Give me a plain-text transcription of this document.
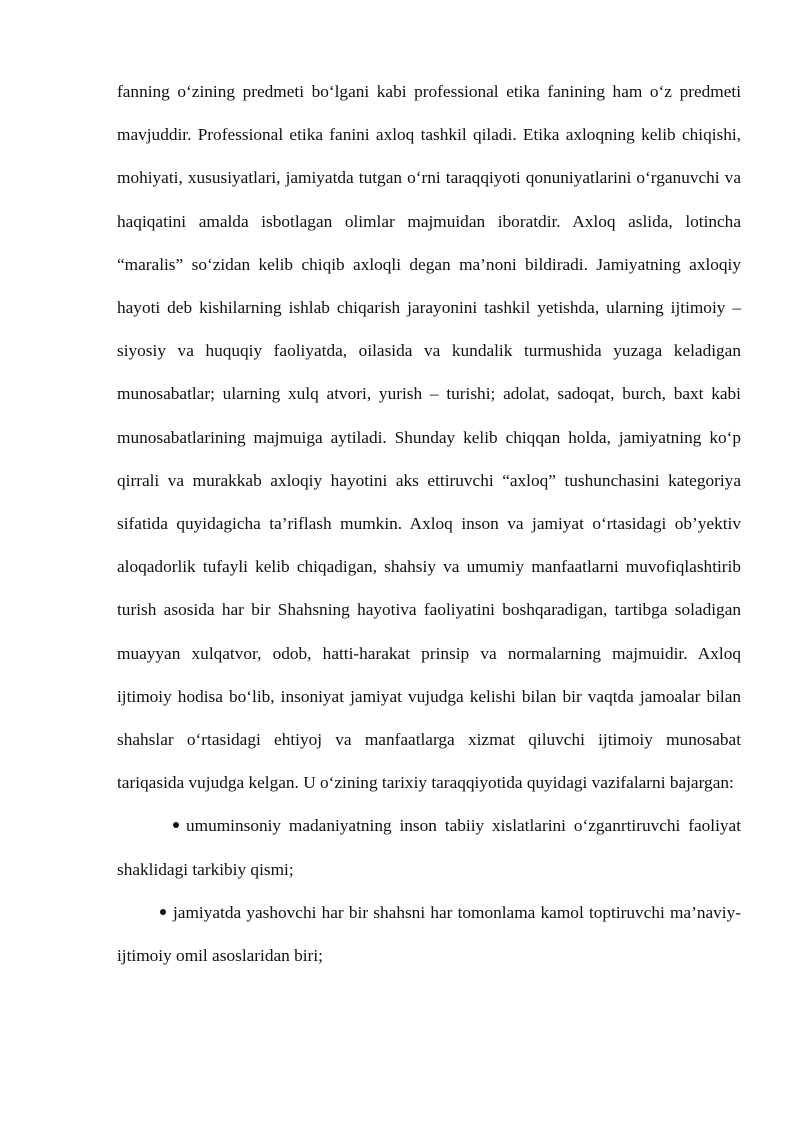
fanning o‘zining predmeti bo‘lgani kabi professional etika fanining ham o‘z predmeti mavjuddir. Professional etika fanini axloq tashkil qiladi. Etika axloqning kelib chiqishi, mohiyati, xususiyatlari, jamiyatda tutgan o‘rni taraqqiyoti qonuniyatlarini o‘rganuvchi va haqiqatini amalda isbotlagan olimlar majmuidan iboratdir. Axloq aslida, lotincha “maralis” so‘zidan kelib chiqib axloqli degan ma’noni bildiradi. Jamiyatning axloqiy hayoti deb kishilarning ishlab chiqarish jarayonini tashkil yetishda, ularning ijtimoiy – siyosiy va huquqiy faoliyatda, oilasida va kundalik turmushida yuzaga keladigan munosabatlar; ularning xulq atvori, yurish – turishi; adolat, sadoqat, burch, baxt kabi munosabatlarining majmuiga aytiladi. Shunday kelib chiqqan holda, jamiyatning ko‘p qirrali va murakkab axloqiy hayotini aks ettiruvchi “axloq” tushunchasini kategoriya sifatida quyidagicha ta’riflash mumkin. Axloq inson va jamiyat o‘rtasidagi ob’yektiv aloqadorlik tufayli kelib chiqadigan, shahsiy va umumiy manfaatlarni muvofiqlashtirib turish asosida har bir Shahsning hayotiva faoliyatini boshqaradigan, tartibga soladigan muayyan xulqatvor, odob, hatti-harakat prinsip va normalarning majmuidir. Axloq ijtimoiy hodisa bo‘lib, insoniyat jamiyat vujudga kelishi bilan bir vaqtda jamoalar bilan shahslar o‘rtasidagi ehtiyoj va manfaatlarga xizmat qiluvchi ijtimoiy munosabat tariqasida vujudga kelgan. U o‘zining tarixiy taraqqiyotida quyidagi vazifalarni bajargan:

umuminsoniy madaniyatning inson tabiiy xislatlarini o‘zganrtiruvchi faoliyat shaklidagi tarkibiy qismi;

jamiyatda yashovchi har bir shahsni har tomonlama kamol toptiruvchi ma’naviy-ijtimoiy omil asoslaridan biri;
